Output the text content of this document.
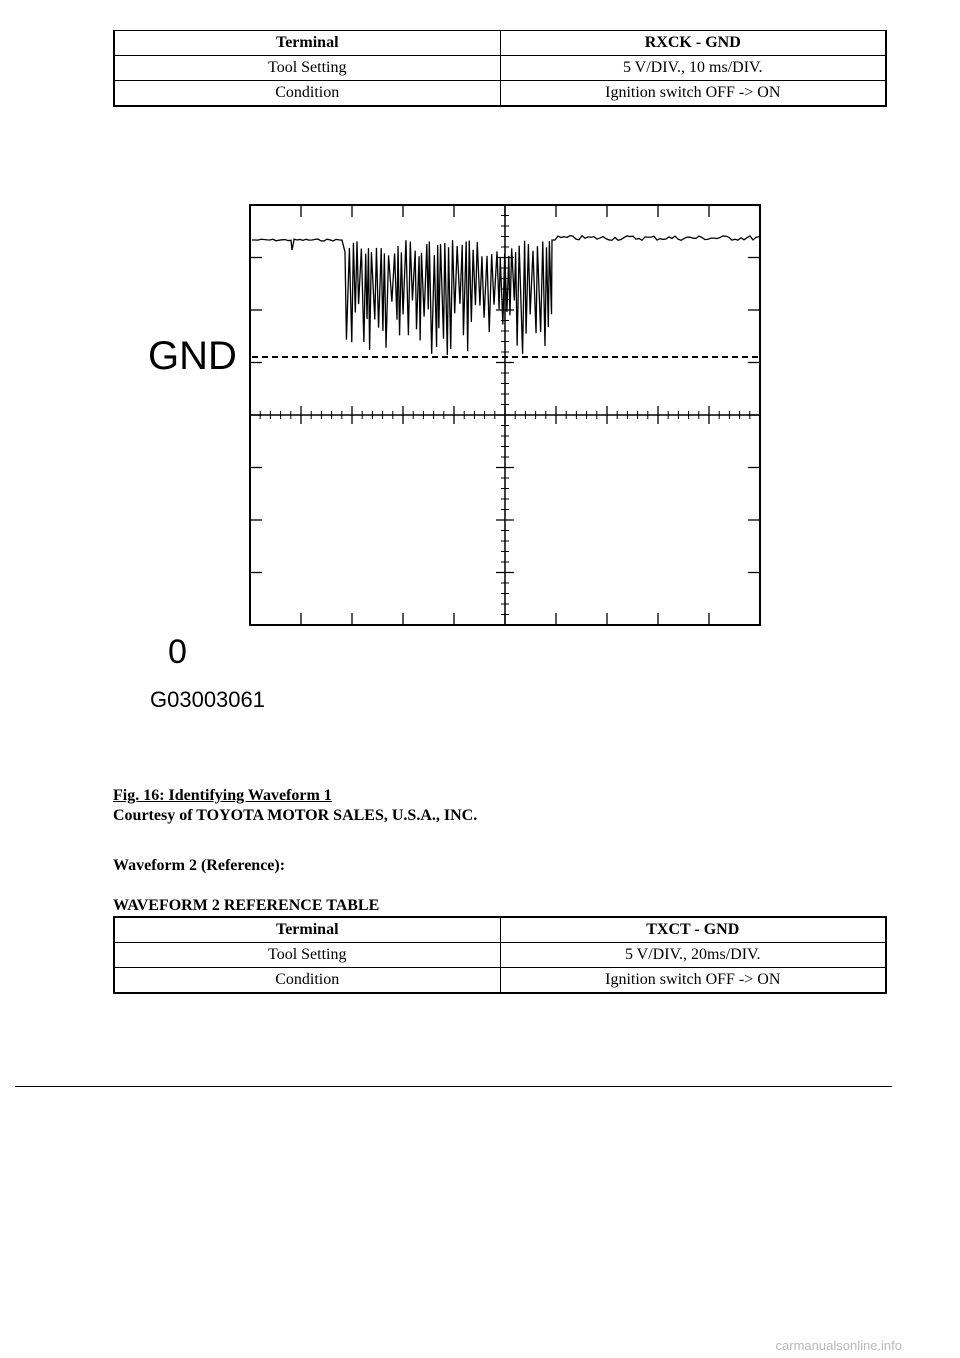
Terminal	RXCK - GND
Tool Setting	5 V/DIV., 10 ms/DIV.
Condition	Ignition switch OFF -> ON
GND
0
G03003061
Fig. 16: Identifying Waveform 1
Courtesy of TOYOTA MOTOR SALES, U.S.A., INC.
Waveform 2 (Reference):
WAVEFORM 2 REFERENCE TABLE
Terminal	TXCT - GND
Tool Setting	5 V/DIV., 20ms/DIV.
Condition	Ignition switch OFF -> ON
carmanualsonline.info
